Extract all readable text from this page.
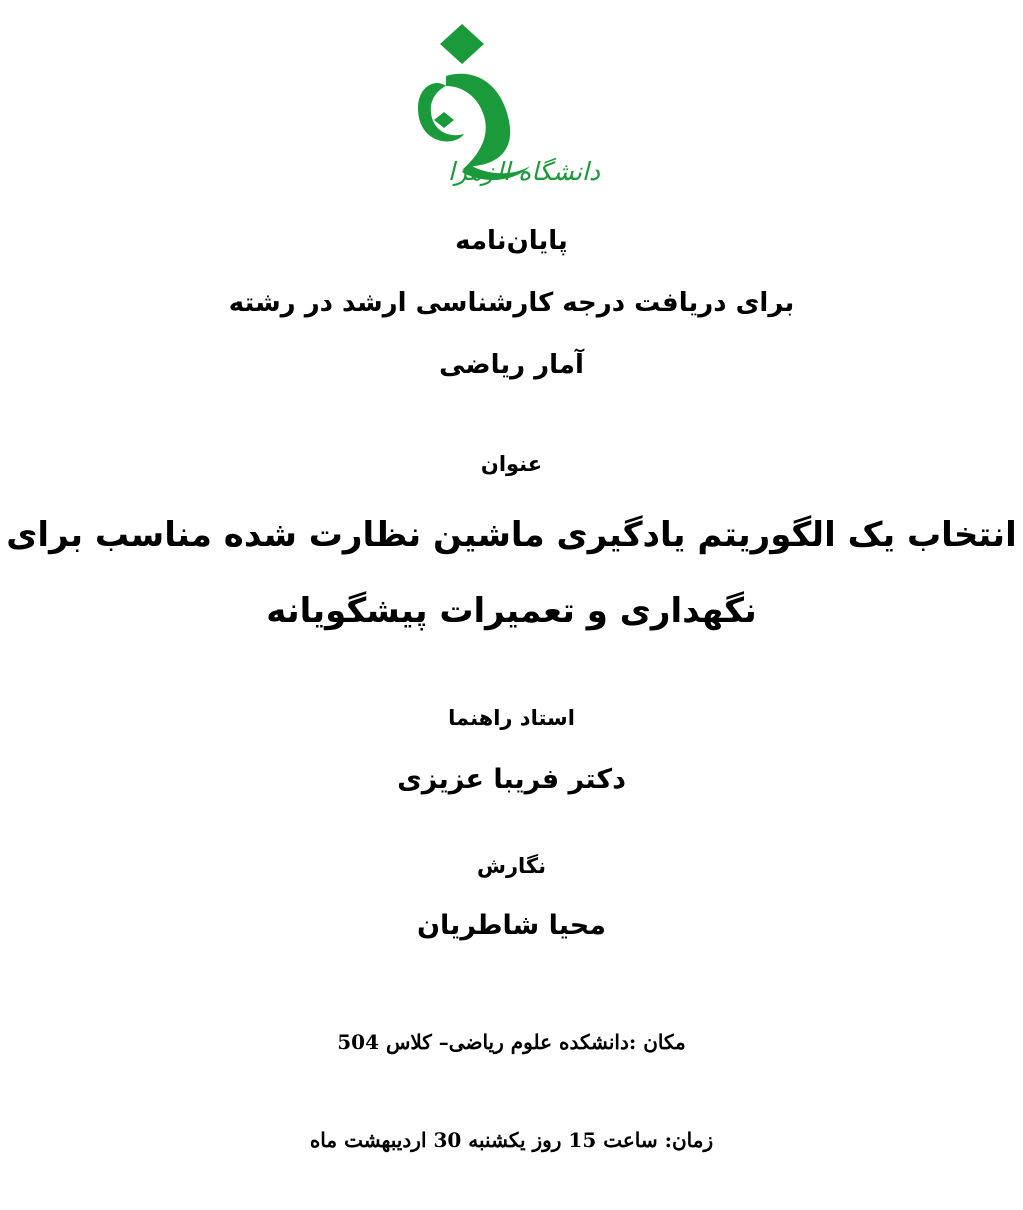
دانشگاه الزهرا
پایان‌نامه
برای دریافت درجه کارشناسی ارشد در رشته
آمار ریاضی
عنوان
انتخاب یک الگوریتم یادگیری ماشین نظارت شده مناسب برای
نگهداری و تعمیرات پیشگویانه
استاد راهنما
دکتر فریبا عزیزی
نگارش
محیا شاطریان
مکان :دانشکده علوم ریاضی– کلاس 504
زمان: ساعت 15 روز یکشنبه 30 اردیبهشت ماه
